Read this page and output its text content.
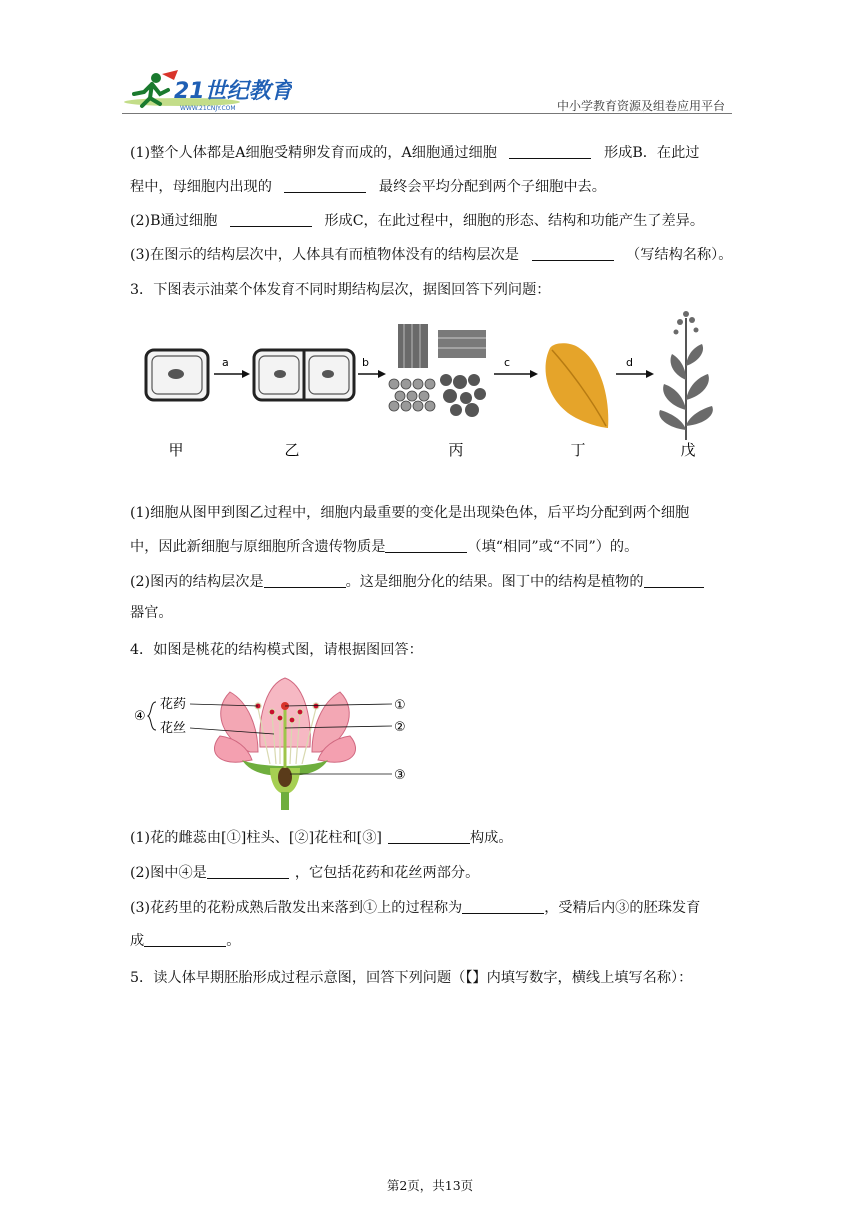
21世纪教育
WWW.21CNJY.COM	中小学教育资源及组卷应用平台
(1)整个人体都是A细胞受精卵发育而成的，A细胞通过细胞	形成B．在此过
程中，母细胞内出现的	最终会平均分配到两个子细胞中去。
(2)B通过细胞	形成C，在此过程中，细胞的形态、结构和功能产生了差异。
(3)在图示的结构层次中，人体具有而植物体没有的结构层次是	（写结构名称）。
3．下图表示油菜个体发育不同时期结构层次，据图回答下列问题：
a	b	c	d
甲	乙	丙	丁	戊
(1)细胞从图甲到图乙过程中，细胞内最重要的变化是出现染色体，后平均分配到两个细胞
中，因此新细胞与原细胞所含遗传物质是	（填“相同”或“不同”）的。
(2)图丙的结构层次是	。这是细胞分化的结果。图丁中的结构是植物的
器官。
4．如图是桃花的结构模式图，请根据图回答：
④
花药
花丝
①
②
③
(1)花的雌蕊由[①]柱头、[②]花柱和[③]	构成。
(2)图中④是	，它包括花药和花丝两部分。
(3)花药里的花粉成熟后散发出来落到①上的过程称为	，受精后内③的胚珠发育
成	。
5．读人体早期胚胎形成过程示意图，回答下列问题（【】内填写数字，横线上填写名称）：
第2页，共13页
